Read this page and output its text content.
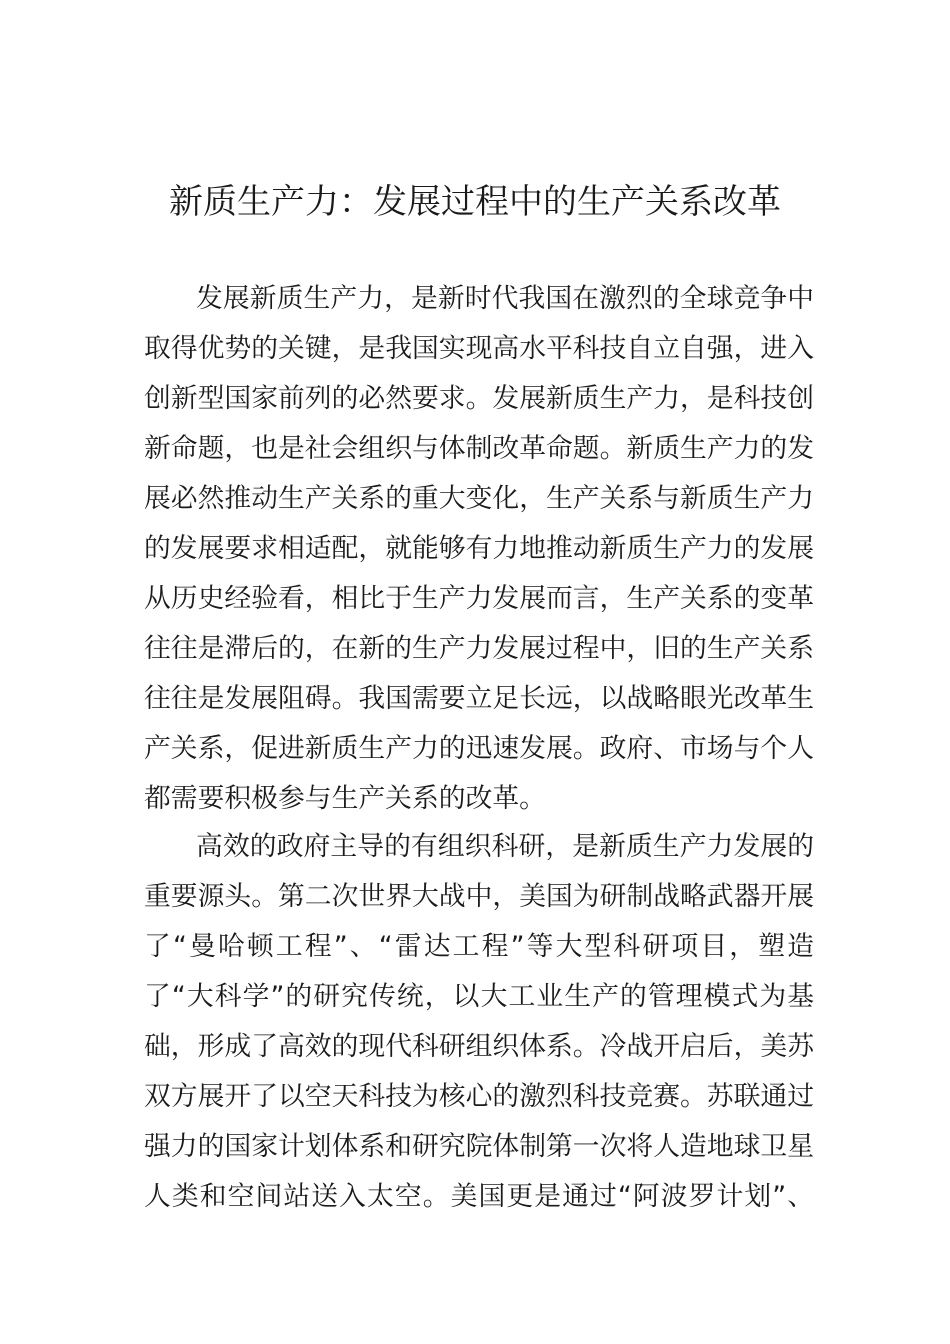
新质生产力：发展过程中的生产关系改革

发展新质生产力，是新时代我国在激烈的全球竞争中

取得优势的关键，是我国实现高水平科技自立自强，进入

创新型国家前列的必然要求。发展新质生产力，是科技创

新命题，也是社会组织与体制改革命题。新质生产力的发

展必然推动生产关系的重大变化，生产关系与新质生产力

的发展要求相适配，就能够有力地推动新质生产力的发展

从历史经验看，相比于生产力发展而言，生产关系的变革

往往是滞后的，在新的生产力发展过程中，旧的生产关系

往往是发展阻碍。我国需要立足长远，以战略眼光改革生

产关系，促进新质生产力的迅速发展。政府、市场与个人

都需要积极参与生产关系的改革。

高效的政府主导的有组织科研，是新质生产力发展的

重要源头。第二次世界大战中，美国为研制战略武器开展

了“曼哈顿工程”、“雷达工程”等大型科研项目，塑造

了“大科学”的研究传统，以大工业生产的管理模式为基

础，形成了高效的现代科研组织体系。冷战开启后，美苏

双方展开了以空天科技为核心的激烈科技竞赛。苏联通过

强力的国家计划体系和研究院体制第一次将人造地球卫星

人类和空间站送入太空。美国更是通过“阿波罗计划”、
